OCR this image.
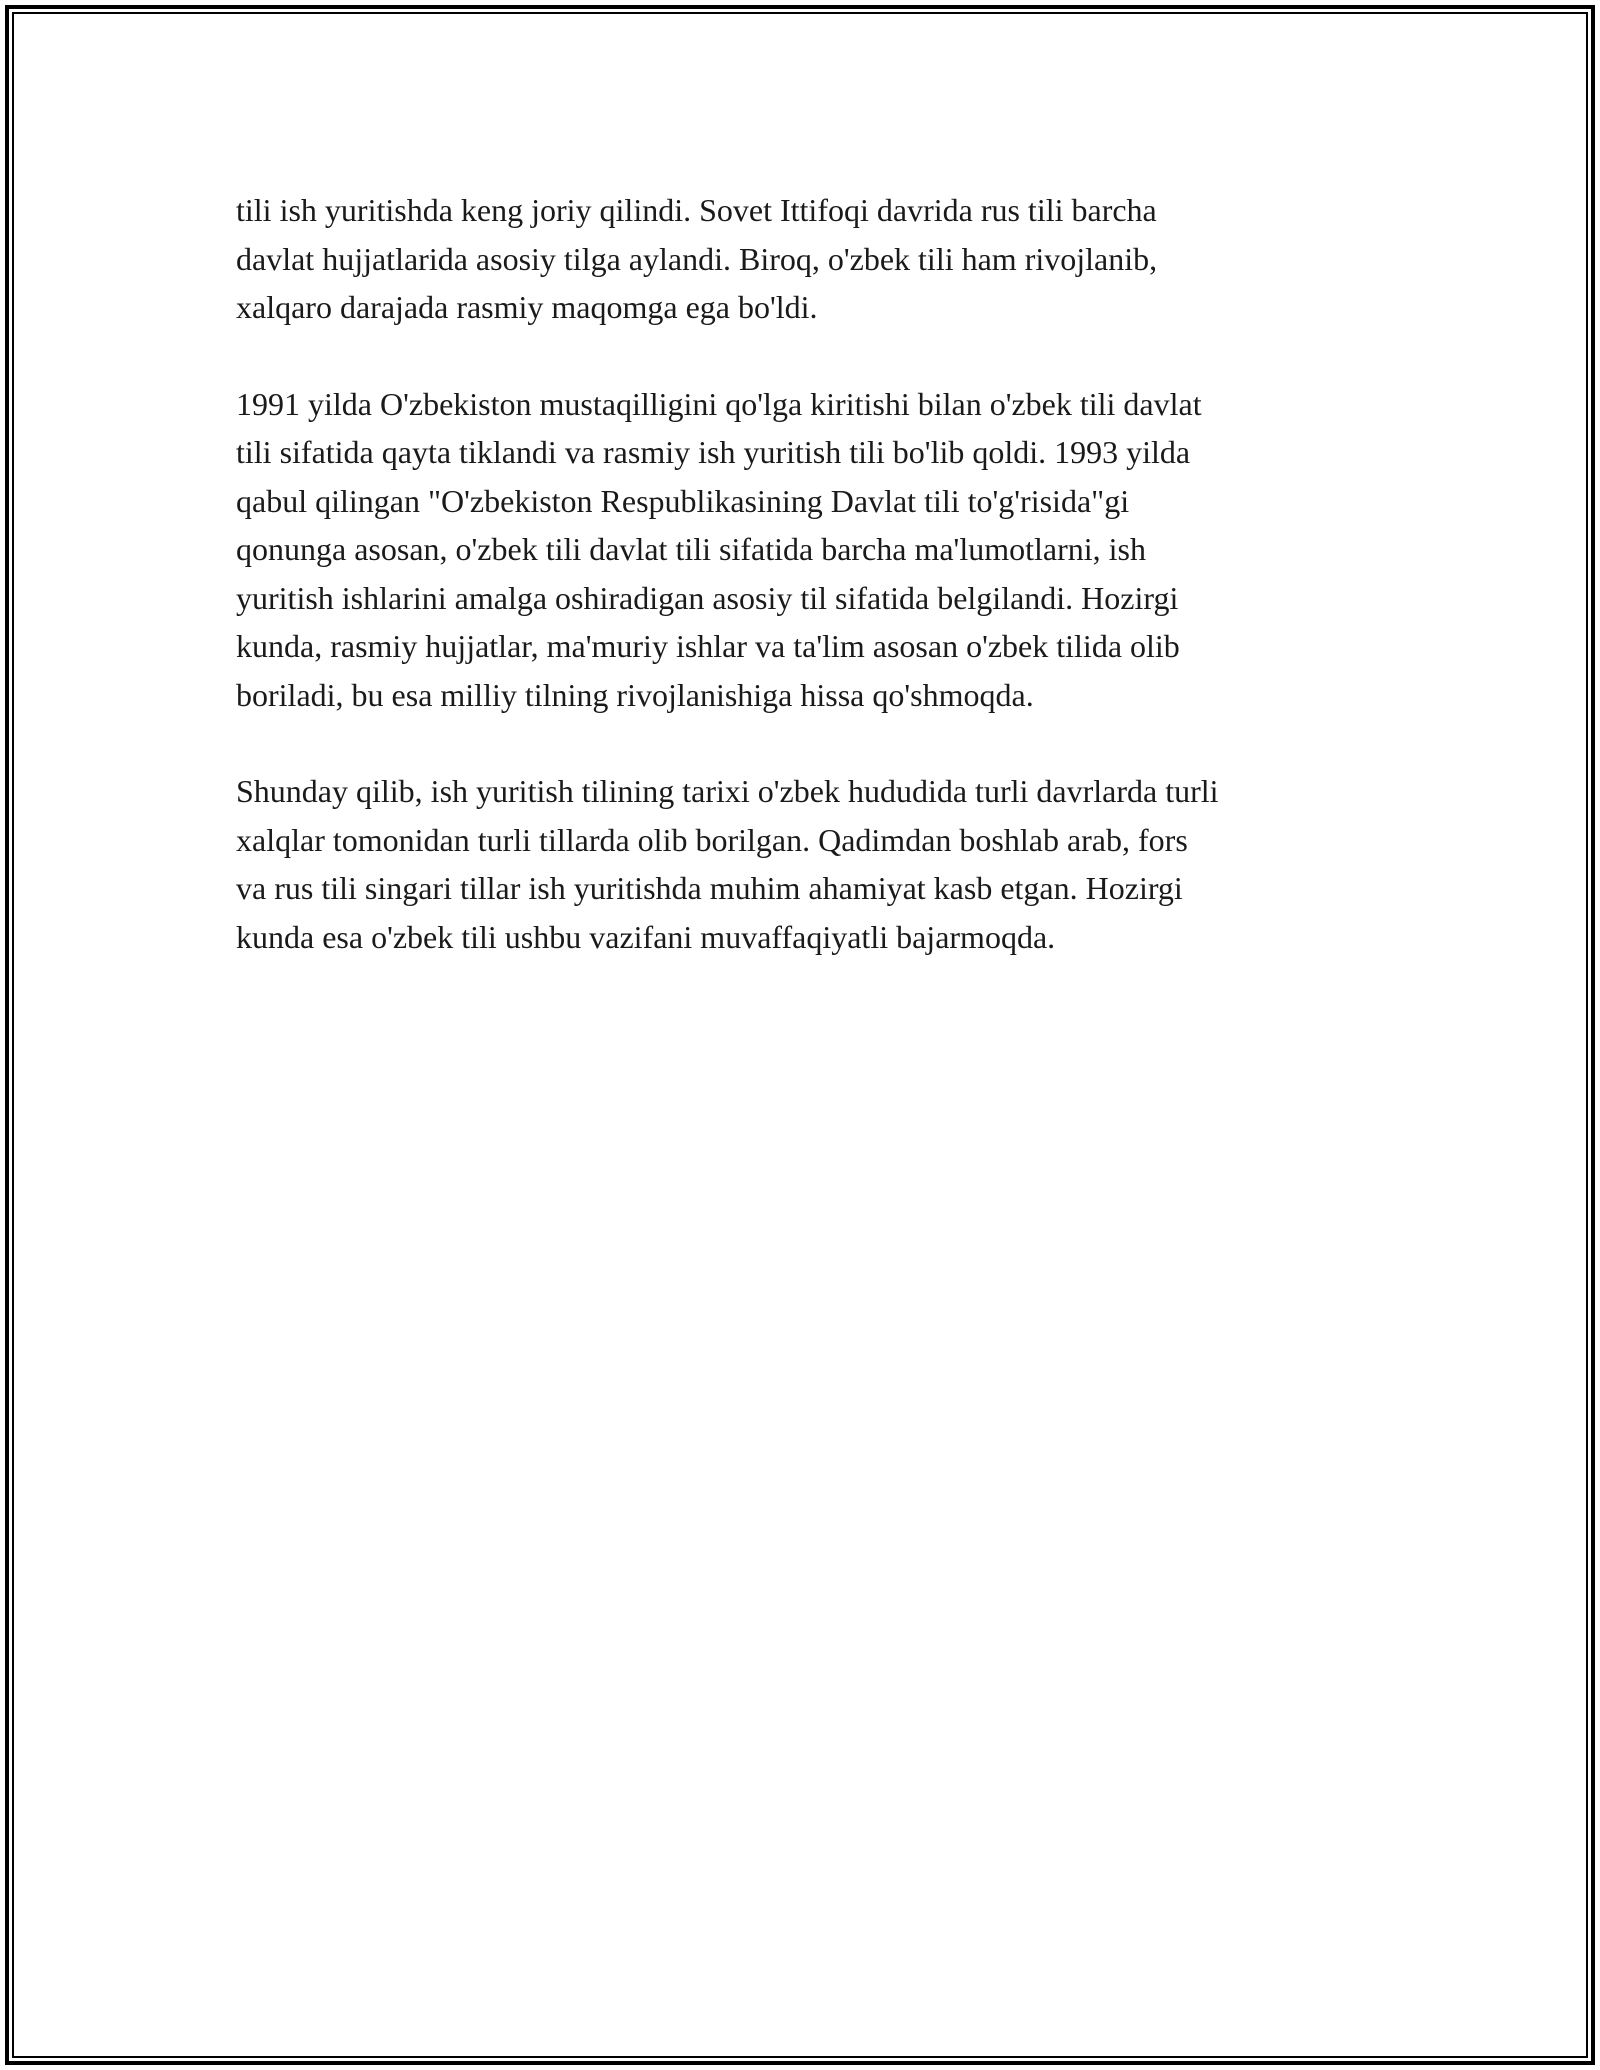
tili ish yuritishda keng joriy qilindi. Sovet Ittifoqi davrida rus tili barcha
davlat hujjatlarida asosiy tilga aylandi. Biroq, o'zbek tili ham rivojlanib,
xalqaro darajada rasmiy maqomga ega bo'ldi.

1991 yilda O'zbekiston mustaqilligini qo'lga kiritishi bilan o'zbek tili davlat
tili sifatida qayta tiklandi va rasmiy ish yuritish tili bo'lib qoldi. 1993 yilda
qabul qilingan "O'zbekiston Respublikasining Davlat tili to'g'risida"gi
qonunga asosan, o'zbek tili davlat tili sifatida barcha ma'lumotlarni, ish
yuritish ishlarini amalga oshiradigan asosiy til sifatida belgilandi. Hozirgi
kunda, rasmiy hujjatlar, ma'muriy ishlar va ta'lim asosan o'zbek tilida olib
boriladi, bu esa milliy tilning rivojlanishiga hissa qo'shmoqda.

Shunday qilib, ish yuritish tilining tarixi o'zbek hududida turli davrlarda turli
xalqlar tomonidan turli tillarda olib borilgan. Qadimdan boshlab arab, fors
va rus tili singari tillar ish yuritishda muhim ahamiyat kasb etgan. Hozirgi
kunda esa o'zbek tili ushbu vazifani muvaffaqiyatli bajarmoqda.
